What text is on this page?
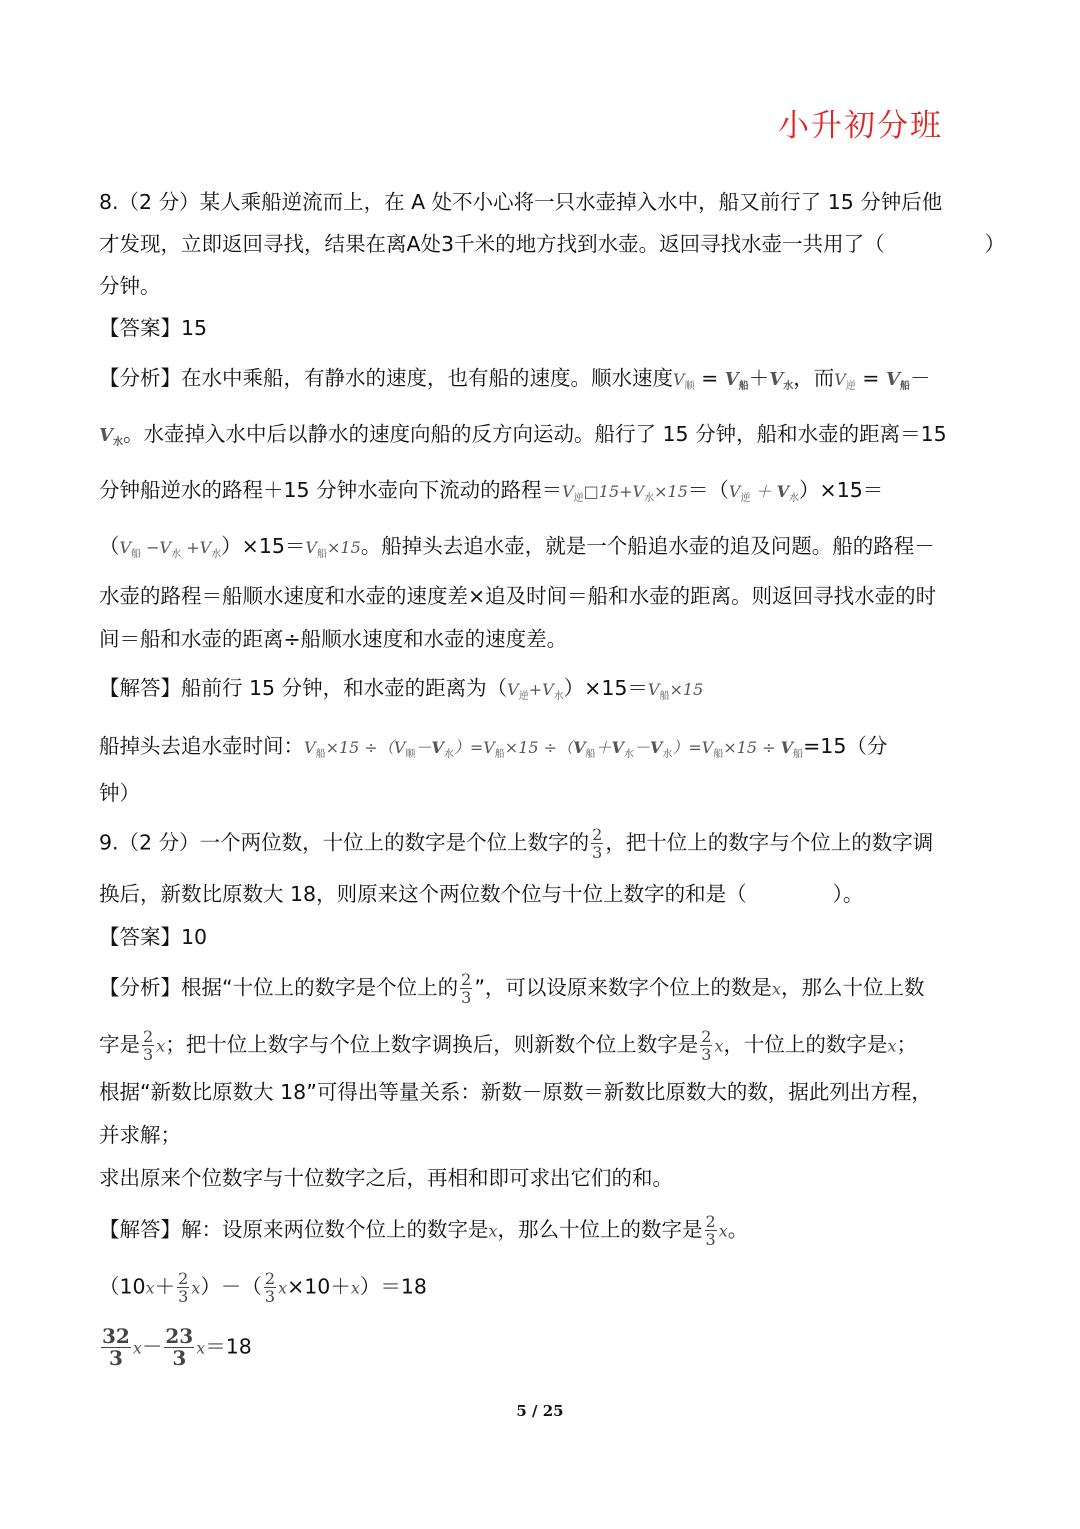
小升初分班
8.（2 分）某人乘船逆流而上，在 A 处不小心将一只水壶掉入水中，船又前行了 15 分钟后他
才发现，立即返回寻找，结果在离A处3千米的地方找到水壶。返回寻找水壶一共用了（	）
分钟。
【答案】15
【分析】在水中乘船，有静水的速度，也有船的速度。顺水速度$V_顺 = V_船+V_水$，而$V_逆 = V_船-$
$V_水$。水壶掉入水中后以静水的速度向船的反方向运动。船行了 15 分钟，船和水壶的距离＝15
分钟船逆水的路程＋15 分钟水壶向下流动的路程$=V_逆□15+V_水\times 15=(V_逆 + V_水)\times 15=$
$(V_船 -V_水 +V_水)\times 15=V_船\times 15$。船掉头去追水壶，就是一个船追水壶的追及问题。船的路程－
水壶的路程＝船顺水速度和水壶的速度差×追及时间＝船和水壶的距离。则返回寻找水壶的时
间＝船和水壶的距离÷船顺水速度和水壶的速度差。
【解答】船前行 15 分钟，和水壶的距离为$(V_逆+V_水)\times 15=V_船\times 15$
船掉头去追水壶时间：$V_船\times 15 \div(V_顺-V_水)=V_船\times 15 \div(V_船+V_水-V_水)=V_船\times 15 \div V_船=15$（分
钟）
9.（2 分）一个两位数，十位上的数字是个位上数字的 $\frac{2}{3}$ ，把十位上的数字与个位上的数字调
换后，新数比原数大 18，则原来这个两位数个位与十位上数字的和是（	）。
【答案】10
【分析】根据“十位上的数字是个位上的 $\frac{2}{3}$ ”，可以设原来数字个位上的数是x，那么十位上数
字是 $\frac{2}{3}$ x；把十位上数字与个位上数字调换后，则新数个位上数字是 $\frac{2}{3}$ x，十位上的数字是x；
根据“新数比原数大 18”可得出等量关系：新数－原数＝新数比原数大的数，据此列出方程，
并求解；
求出原来个位数字与十位数字之后，再相和即可求出它们的和。
【解答】解：设原来两位数个位上的数字是x，那么十位上的数字是 $\frac{2}{3}$ x。
$(10x+ \frac{2}{3} x)-( \frac{2}{3} x\times 10+x)=18$
$\frac{32}{3} x- \frac{23}{3} x=18$
5 / 25
